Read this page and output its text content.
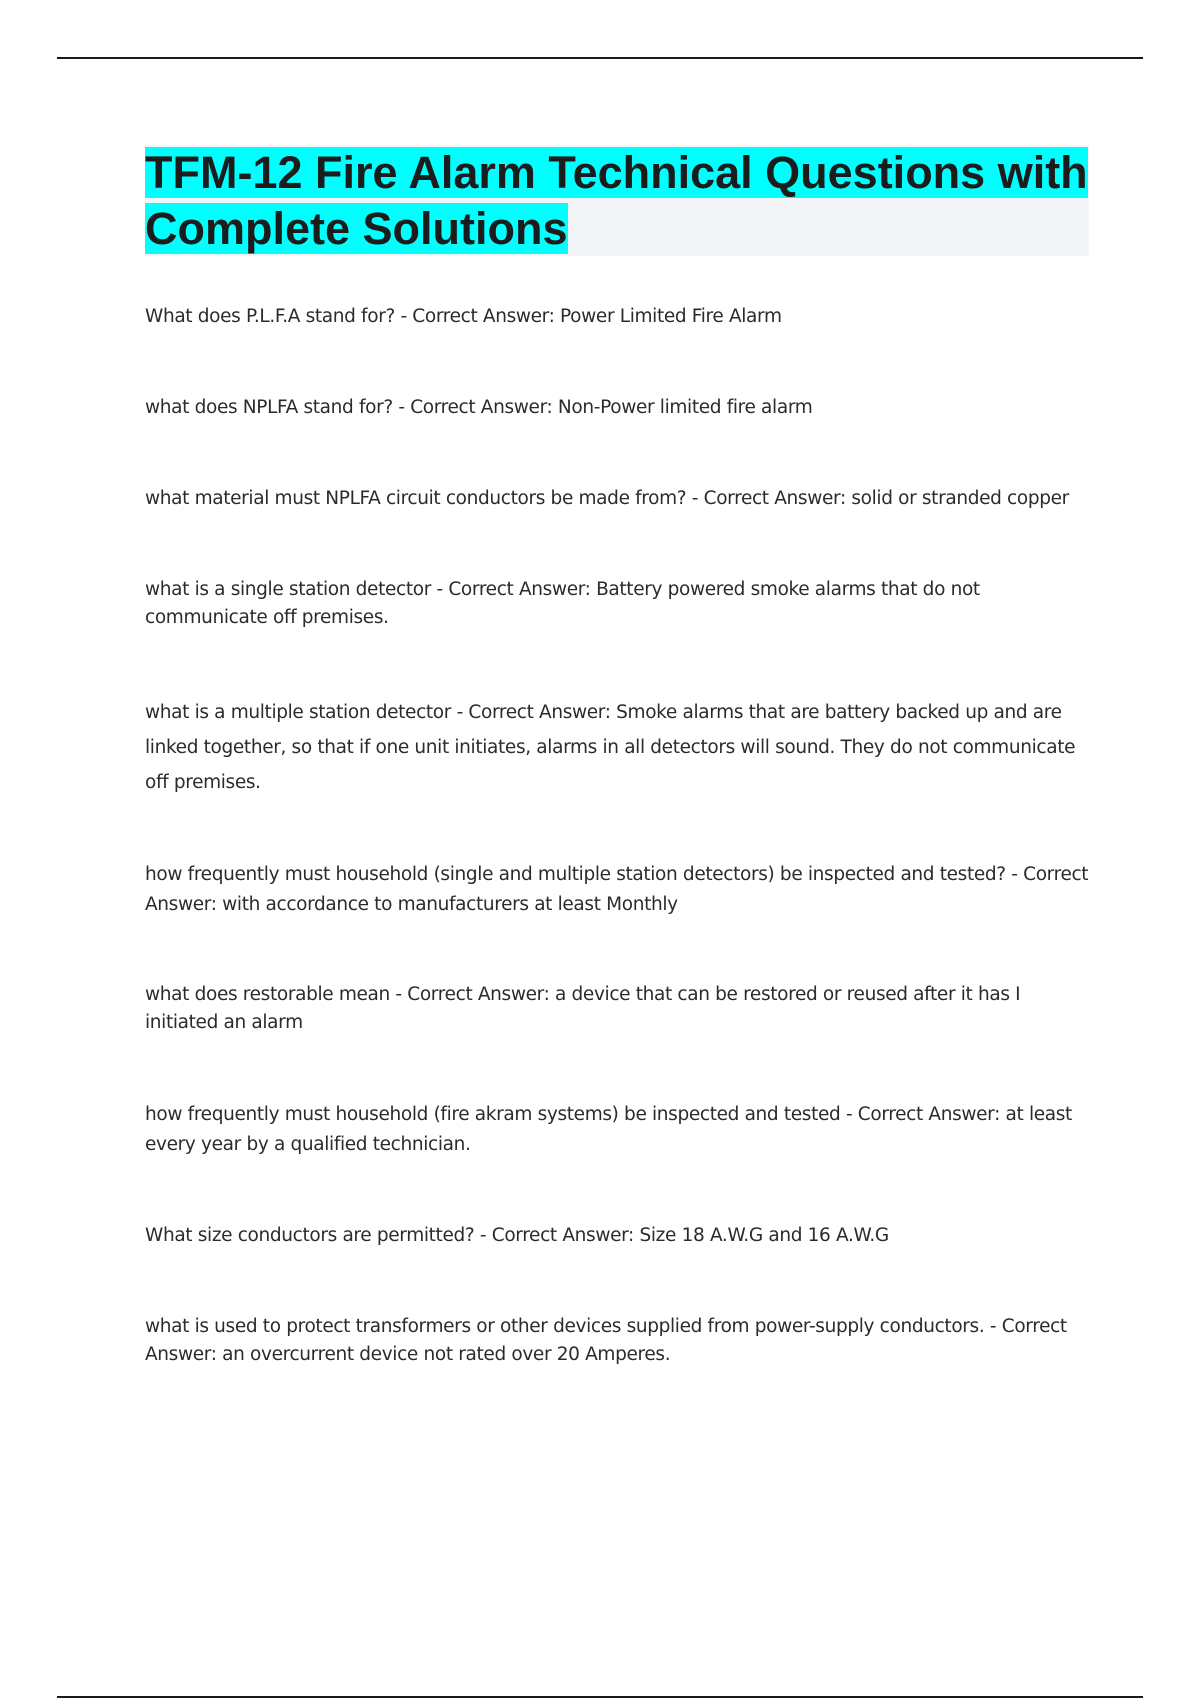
TFM-12 Fire Alarm Technical Questions with Complete Solutions
What does P.L.F.A stand for? - Correct Answer: Power Limited Fire Alarm
what does NPLFA stand for? - Correct Answer: Non-Power limited fire alarm
what material must NPLFA circuit conductors be made from? - Correct Answer: solid or stranded copper
what is a single station detector - Correct Answer: Battery powered smoke alarms that do not communicate off premises.
what is a multiple station detector - Correct Answer: Smoke alarms that are battery backed up and are linked together, so that if one unit initiates, alarms in all detectors will sound. They do not communicate off premises.
how frequently must household (single and multiple station detectors) be inspected and tested? - Correct Answer: with accordance to manufacturers at least Monthly
what does restorable mean - Correct Answer: a device that can be restored or reused after it has I initiated an alarm
how frequently must household (fire akram systems) be inspected and tested - Correct Answer: at least every year by a qualified technician.
What size conductors are permitted? - Correct Answer: Size 18 A.W.G and 16 A.W.G
what is used to protect transformers or other devices supplied from power-supply conductors. - Correct Answer: an overcurrent device not rated over 20 Amperes.
